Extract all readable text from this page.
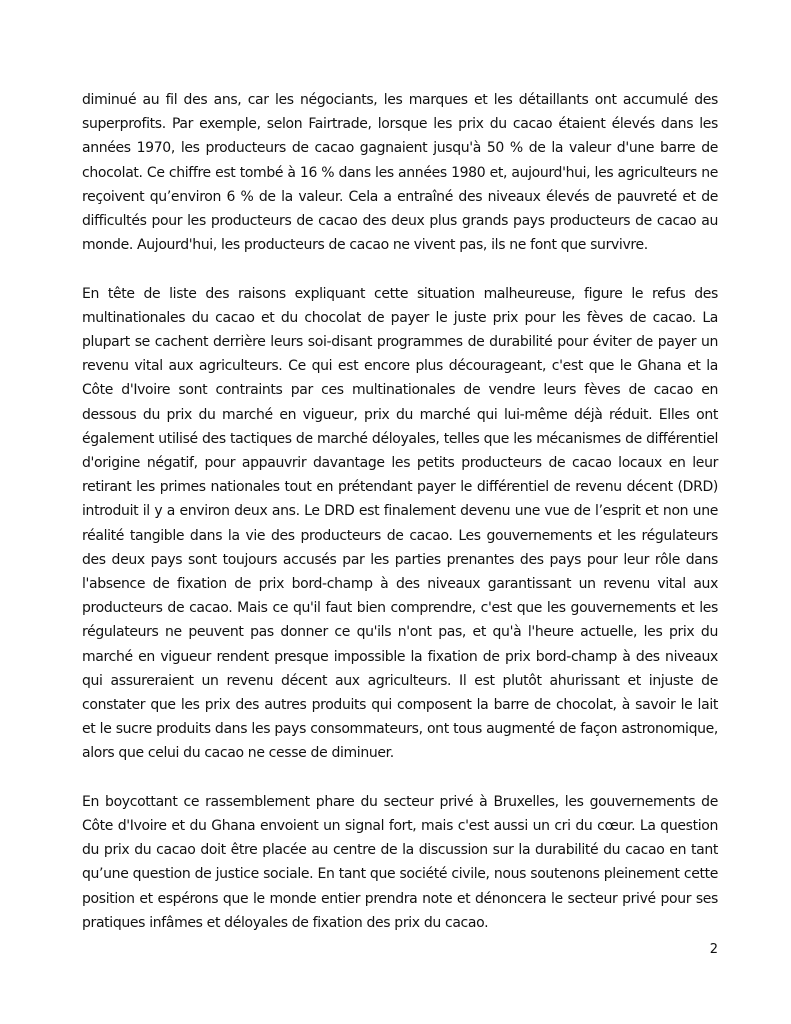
diminué au fil des ans, car les négociants, les marques et les détaillants ont accumulé des superprofits. Par exemple, selon Fairtrade, lorsque les prix du cacao étaient élevés dans les années 1970, les producteurs de cacao gagnaient jusqu'à 50 % de la valeur d'une barre de chocolat. Ce chiffre est tombé à 16 % dans les années 1980 et, aujourd'hui, les agriculteurs ne reçoivent qu’environ 6 % de la valeur. Cela a entraîné des niveaux élevés de pauvreté et de difficultés pour les producteurs de cacao des deux plus grands pays producteurs de cacao au monde. Aujourd'hui, les producteurs de cacao ne vivent pas, ils ne font que survivre.

En tête de liste des raisons expliquant cette situation malheureuse, figure le refus des multinationales du cacao et du chocolat de payer le juste prix pour les fèves de cacao. La plupart se cachent derrière leurs soi-disant programmes de durabilité pour éviter de payer un revenu vital aux agriculteurs. Ce qui est encore plus décourageant, c'est que le Ghana et la Côte d'Ivoire sont contraints par ces multinationales de vendre leurs fèves de cacao en dessous du prix du marché en vigueur, prix du marché qui lui-même déjà réduit. Elles ont également utilisé des tactiques de marché déloyales, telles que les mécanismes de différentiel d'origine négatif, pour appauvrir davantage les petits producteurs de cacao locaux en leur retirant les primes nationales tout en prétendant payer le différentiel de revenu décent (DRD) introduit il y a environ deux ans. Le DRD est finalement devenu une vue de l’esprit et non une réalité tangible dans la vie des producteurs de cacao. Les gouvernements et les régulateurs des deux pays sont toujours accusés par les parties prenantes des pays pour leur rôle dans l'absence de fixation de prix bord-champ à des niveaux garantissant un revenu vital aux producteurs de cacao. Mais ce qu'il faut bien comprendre, c'est que les gouvernements et les régulateurs ne peuvent pas donner ce qu'ils n'ont pas, et qu'à l'heure actuelle, les prix du marché en vigueur rendent presque impossible la fixation de prix bord-champ à des niveaux qui assureraient un revenu décent aux agriculteurs. Il est plutôt ahurissant et injuste de constater que les prix des autres produits qui composent la barre de chocolat, à savoir le lait et le sucre produits dans les pays consommateurs, ont tous augmenté de façon astronomique, alors que celui du cacao ne cesse de diminuer.

En boycottant ce rassemblement phare du secteur privé à Bruxelles, les gouvernements de Côte d'Ivoire et du Ghana envoient un signal fort, mais c'est aussi un cri du cœur. La question du prix du cacao doit être placée au centre de la discussion sur la durabilité du cacao en tant qu’une question de justice sociale. En tant que société civile, nous soutenons pleinement cette position et espérons que le monde entier prendra note et dénoncera le secteur privé pour ses pratiques infâmes et déloyales de fixation des prix du cacao.

2
